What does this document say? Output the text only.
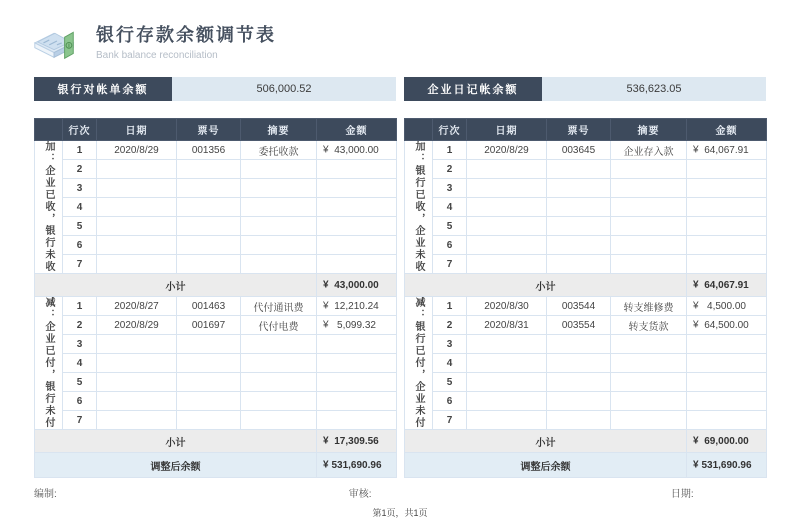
银行存款余额调节表
Bank balance reconciliation
银行对帐单余额	506,000.52	企业日记帐余额	536,623.05
	行次	日期	票号	摘要	金额
加：企业已收，银行未收	1	2020/8/29	001356	委托收款	¥ 43,000.00
	2				
	3				
	4				
	5				
	6				
	7				
小计					¥ 43,000.00
减：企业已付，银行未付	1	2020/8/27	001463	代付通讯费	¥ 12,210.24
	2	2020/8/29	001697	代付电费	¥ 5,099.32
	3				
	4				
	5				
	6				
	7				
小计					¥ 17,309.56
调整后余额					¥ 531,690.96
	行次	日期	票号	摘要	金额
加：银行已收，企业未收	1	2020/8/29	003645	企业存入款	¥ 64,067.91
	2				
	3				
	4				
	5				
	6				
	7				
小计					¥ 64,067.91
减：银行已付，企业未付	1	2020/8/30	003544	转支维修费	¥ 4,500.00
	2	2020/8/31	003554	转支货款	¥ 64,500.00
	3				
	4				
	5				
	6				
	7				
小计					¥ 69,000.00
调整后余额					¥ 531,690.96
编制:	审核:	日期:
第1页，共1页
